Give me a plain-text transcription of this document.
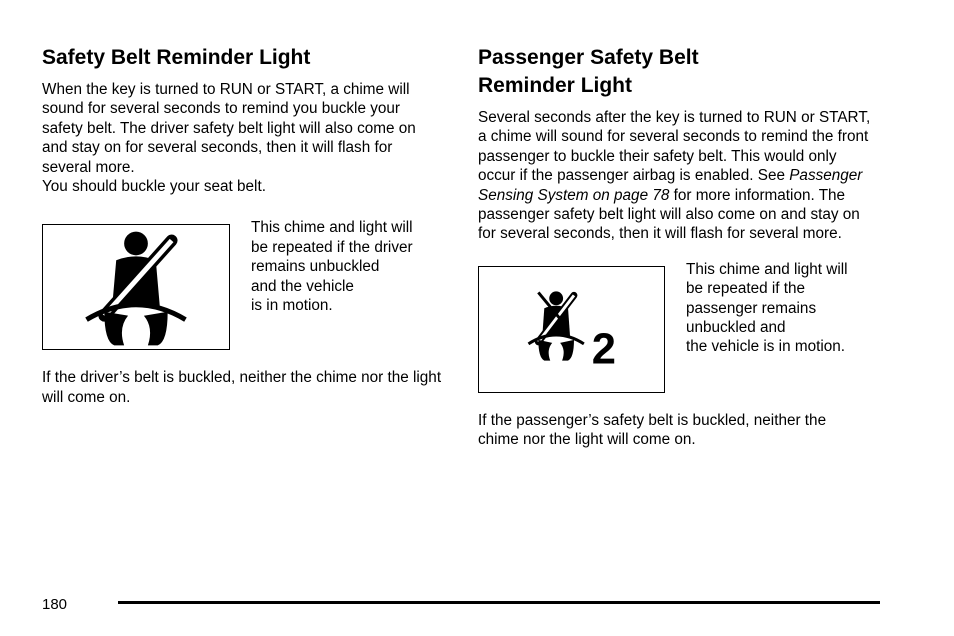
Safety Belt Reminder Light

When the key is turned to RUN or START, a chime will sound for several seconds to remind you buckle your safety belt. The driver safety belt light will also come on and stay on for several seconds, then it will flash for several more.

You should buckle your seat belt.

This chime and light will
be repeated if the driver
remains unbuckled
and the vehicle
is in motion.

If the driver’s belt is buckled, neither the chime nor the light will come on.

Passenger Safety Belt
Reminder Light

Several seconds after the key is turned to RUN or START, a chime will sound for several seconds to remind the front passenger to buckle their safety belt. This would only occur if the passenger airbag is enabled. See Passenger Sensing System on page 78 for more information. The passenger safety belt light will also come on and stay on for several seconds, then it will flash for several more.

2

This chime and light will
be repeated if the
passenger remains
unbuckled and
the vehicle is in motion.

If the passenger’s safety belt is buckled, neither the chime nor the light will come on.

180
